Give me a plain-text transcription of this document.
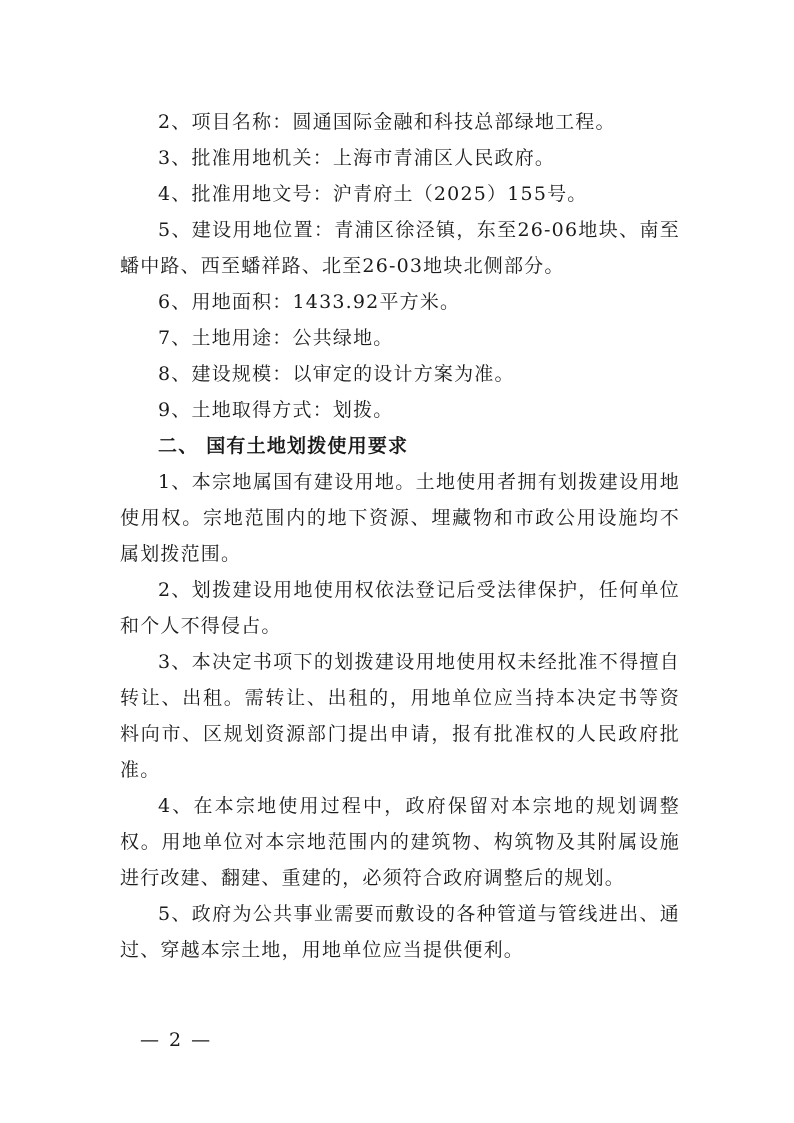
2、项目名称：圆通国际金融和科技总部绿地工程。

3、批准用地机关：上海市青浦区人民政府。

4、批准用地文号：沪青府土（2025）155号。

5、建设用地位置：青浦区徐泾镇，东至26-06地块、南至蟠中路、西至蟠祥路、北至26-03地块北侧部分。

6、用地面积：1433.92平方米。

7、土地用途：公共绿地。

8、建设规模：以审定的设计方案为准。

9、土地取得方式：划拨。

二、 国有土地划拨使用要求

1、本宗地属国有建设用地。土地使用者拥有划拨建设用地使用权。宗地范围内的地下资源、埋藏物和市政公用设施均不属划拨范围。

2、划拨建设用地使用权依法登记后受法律保护，任何单位和个人不得侵占。

3、本决定书项下的划拨建设用地使用权未经批准不得擅自转让、出租。需转让、出租的，用地单位应当持本决定书等资料向市、区规划资源部门提出申请，报有批准权的人民政府批准。

4、在本宗地使用过程中，政府保留对本宗地的规划调整权。用地单位对本宗地范围内的建筑物、构筑物及其附属设施进行改建、翻建、重建的，必须符合政府调整后的规划。

5、政府为公共事业需要而敷设的各种管道与管线进出、通过、穿越本宗土地，用地单位应当提供便利。

— 2 —
